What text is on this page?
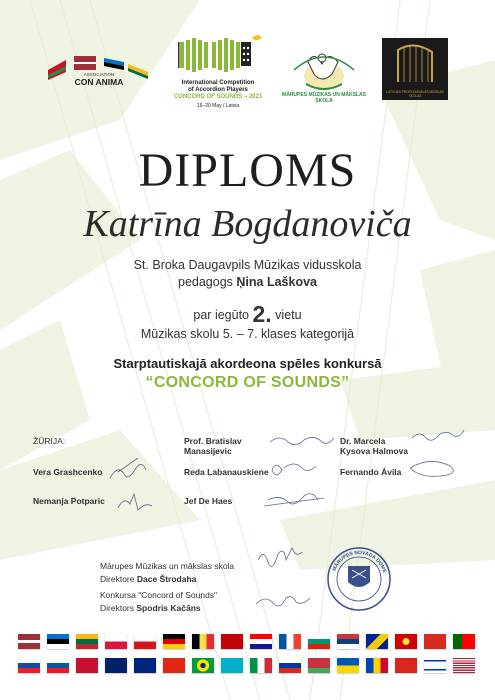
ASSOCIATION
CON ANIMA	International Competition
of Accordion Players
CONCORD OF SOUNDS – 2021
16–20 May / Latvia
MĀRUPES MŪZIKAS UN MĀKSLAS SKOLA
LATVIJAS PROFESIONĀLĀS MŪZIKAS SKOLAS
DIPLOMS
Katrīna Bogdanoviča
St. Broka Daugavpils Mūzikas vidusskola
pedagogs Ņina Laškova
par iegūto 2. vietu
Mūzikas skolu 5. – 7. klases kategorijā
Starptautiskajā akordeona spēles konkursā
“CONCORD OF SOUNDS”
ŽŪRIJA:
Vera Grashcenko
Nemanja Potparic
Prof. Bratislav Manasijevic
Reda Labanauskiene
Jef De Haes
Dr. Marcela Kysova Halmova
Fernando Ávila
Mārupes Mūzikas un mākslas skola
Direktore Dace Štrodaha
Konkursa "Concord of Sounds"
Direktors Spodris Kačāns
MĀRUPES NOVADA DOME
